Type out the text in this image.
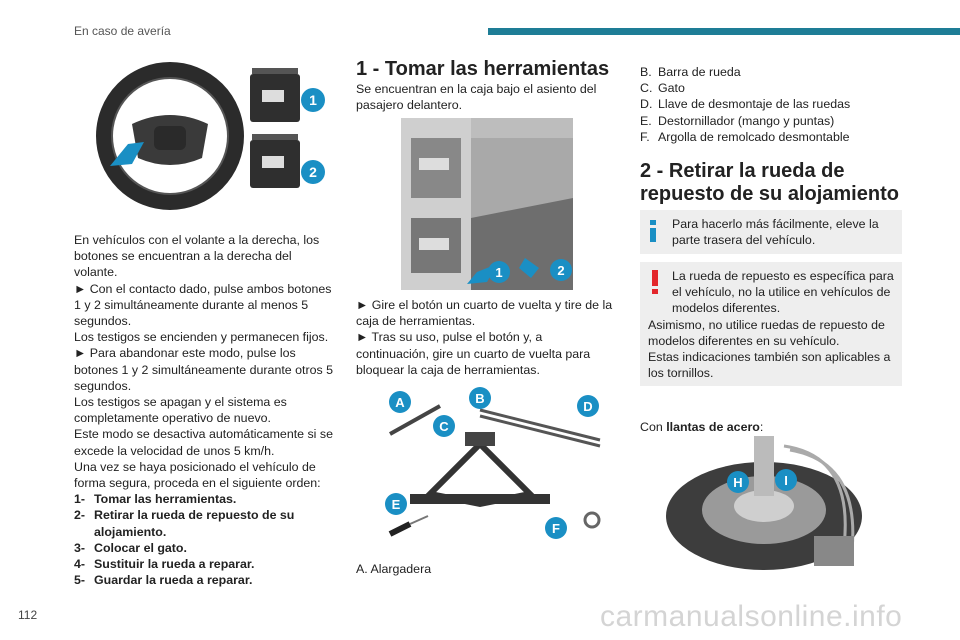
En caso de avería
1
2

En vehículos con el volante a la derecha, los botones se encuentran a la derecha del volante.

► Con el contacto dado, pulse ambos botones 1 y 2 simultáneamente durante al menos 5 segundos.

Los testigos se encienden y permanecen fijos.

► Para abandonar este modo, pulse los botones 1 y 2 simultáneamente durante otros 5 segundos.

Los testigos se apagan y el sistema es completamente operativo de nuevo.

Este modo se desactiva automáticamente si se excede la velocidad de unos 5 km/h.

Una vez se haya posicionado el vehículo de forma segura, proceda en el siguiente orden:

1- Tomar las herramientas.
2- Retirar la rueda de repuesto de su alojamiento.
3- Colocar el gato.
4- Sustituir la rueda a reparar.
5- Guardar la rueda a reparar.
1 - Tomar las herramientas
Se encuentran en la caja bajo el asiento del pasajero delantero.
1	2

► Gire el botón un cuarto de vuelta y tire de la caja de herramientas.

► Tras su uso, pulse el botón y, a continuación, gire un cuarto de vuelta para bloquear la caja de herramientas.

A	B
C
D
E
F
A. Alargadera
B. Barra de rueda
C. Gato
D. Llave de desmontaje de las ruedas
E. Destornillador (mango y puntas)
F. Argolla de remolcado desmontable
2 - Retirar la rueda de repuesto de su alojamiento
Para hacerlo más fácilmente, eleve la parte trasera del vehículo.
La rueda de repuesto es específica para el vehículo, no la utilice en vehículos de modelos diferentes.
Asimismo, no utilice ruedas de repuesto de modelos diferentes en su vehículo.
Estas indicaciones también son aplicables a los tornillos.
Con llantas de acero:
H	I
112	carmanualsonline.info
